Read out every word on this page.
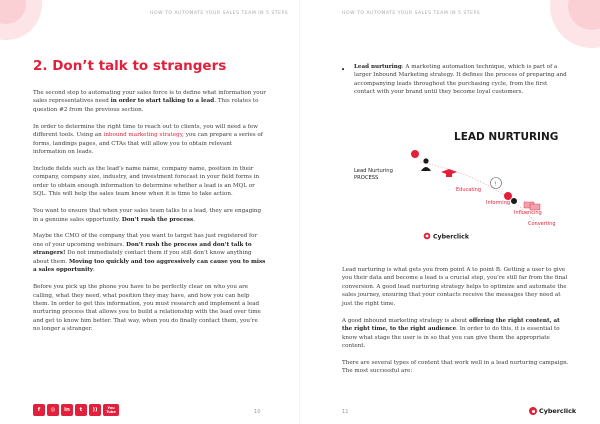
HOW TO AUTOMATE YOUR SALES TEAM IN 5 STEPS
2. Don’t talk to strangers

The second step to automating your sales force is to define what information your sales representatives need in order to start talking to a lead. This relates to question #2 from the previous section.

In order to determine the right time to reach out to clients, you will need a few different tools. Using an inbound marketing strategy, you can prepare a series of forms, landings pages, and CTAs that will allow you to obtain relevant information on leads.

Include fields such as the lead’s name name, company name, position in their company, company size, industry, and investment forecast in your field forms in order to obtain enough information to determine whether a lead is an MQL or SQL. This will help the sales team know when it is time to take action.

You want to ensure that when your sales team talks to a lead, they are engaging in a genuine sales opportunity. Don’t rush the process.

Maybe the CMO of the company that you want to target has just registered for one of your upcoming webinars. Don’t rush the process and don’t talk to strangers! Do not immediately contact them if you still don’t know anything about them. Moving too quickly and too aggressively can cause you to miss a sales opportunity.

Before you pick up the phone you have to be perfectly clear on who you are calling, what they need, what position they may have, and how you can help them. In order to get this information, you must research and implement a lead nurturing process that allows you to build a relationship with the lead over time and get to know him better. That way, when you do finally contact them, you’re no longer a stranger.

f	◎	in	t	))	You Tube	10
HOW TO AUTOMATE YOUR SALES TEAM IN 5 STEPS
• Lead nurturing: A marketing automation technique, which is part of a larger Inbound Marketing strategy. It defines the process of preparing and accompanying leads throughout the purchasing cycle, from the first contact with your brand until they become loyal customers.
LEAD NURTURING
Lead Nurturing
PROCESS
Educating
!
Informing
Influencing
Converting
Cyberclick

Lead nurturing is what gets you from point A to point B. Getting a user to give you their data and become a lead is a crucial step, you’re still far from the final conversion. A good lead nurturing strategy helps to optimize and automate the sales journey, ensuring that your contacts receive the messages they need at just the right time.

A good inbound marketing strategy is about offering the right content, at the right time, to the right audience. In order to do this, it is essential to know what stage the user is in so that you can give them the appropriate content.

There are several types of content that work well in a lead nurturing campaign. The most successful are:

11	Cyberclick
